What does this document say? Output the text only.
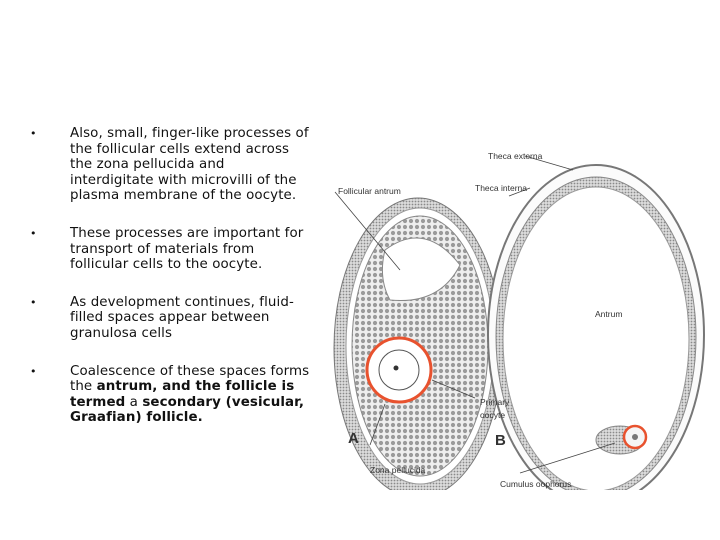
• Also, small, finger-like processes of the follicular cells extend across the zona pellucida and interdigitate with microvilli of the plasma membrane of the oocyte.
• These processes are important for transport of materials from follicular cells to the oocyte.
• As development continues, fluid-filled spaces appear between granulosa cells
• Coalescence of these spaces forms the antrum, and the follicle is termed a secondary (vesicular, Graafian) follicle.
Theca externa
Theca interna
Follicular antrum
Antrum
Primary
oocyte
Zona pellucida
Cumulus oophorus
A	B
